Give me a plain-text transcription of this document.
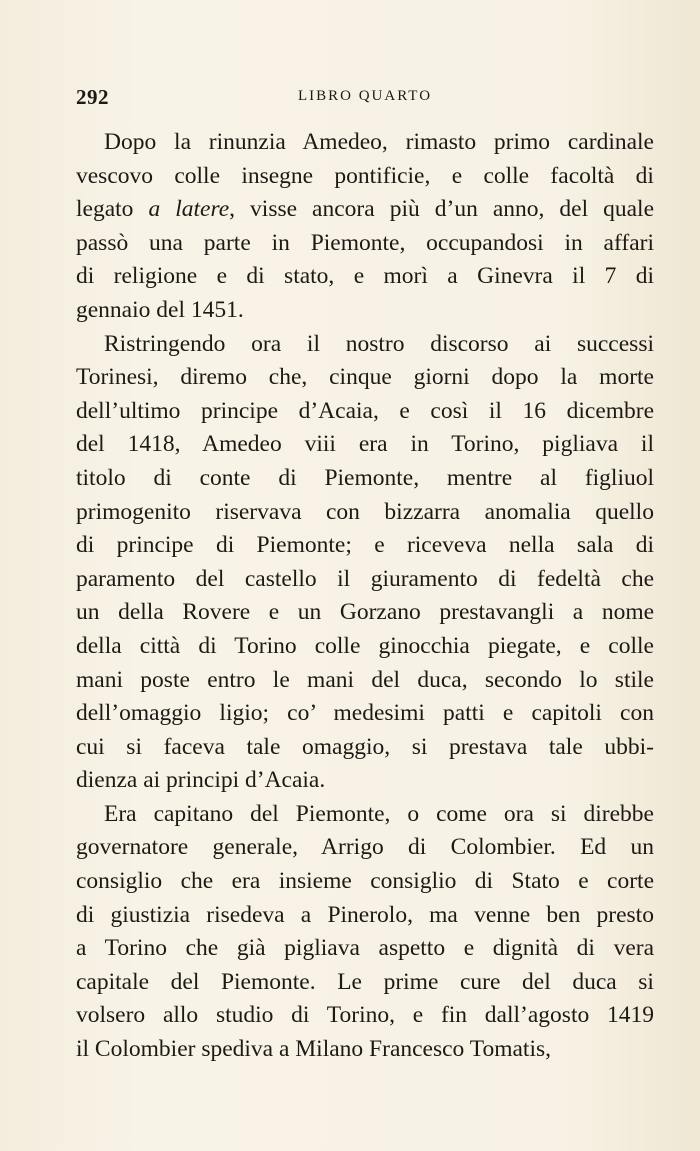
292	LIBRO QUARTO
Dopo la rinunzia Amedeo, rimasto primo cardinale
vescovo colle insegne pontificie, e colle facoltà di
legato a latere, visse ancora più d’un anno, del quale
passò una parte in Piemonte, occupandosi in affari
di religione e di stato, e morì a Ginevra il 7 di
gennaio del 1451.
Ristringendo ora il nostro discorso ai successi
Torinesi, diremo che, cinque giorni dopo la morte
dell’ultimo principe d’Acaia, e così il 16 dicembre
del 1418, Amedeo viii era in Torino, pigliava il
titolo di conte di Piemonte, mentre al figliuol
primogenito riservava con bizzarra anomalia quello
di principe di Piemonte; e riceveva nella sala di
paramento del castello il giuramento di fedeltà che
un della Rovere e un Gorzano prestavangli a nome
della città di Torino colle ginocchia piegate, e colle
mani poste entro le mani del duca, secondo lo stile
dell’omaggio ligio; co’ medesimi patti e capitoli con
cui si faceva tale omaggio, si prestava tale ubbi-
dienza ai principi d’Acaia.
Era capitano del Piemonte, o come ora si direbbe
governatore generale, Arrigo di Colombier. Ed un
consiglio che era insieme consiglio di Stato e corte
di giustizia risedeva a Pinerolo, ma venne ben presto
a Torino che già pigliava aspetto e dignità di vera
capitale del Piemonte. Le prime cure del duca si
volsero allo studio di Torino, e fin dall’agosto 1419
il Colombier spediva a Milano Francesco Tomatis,
